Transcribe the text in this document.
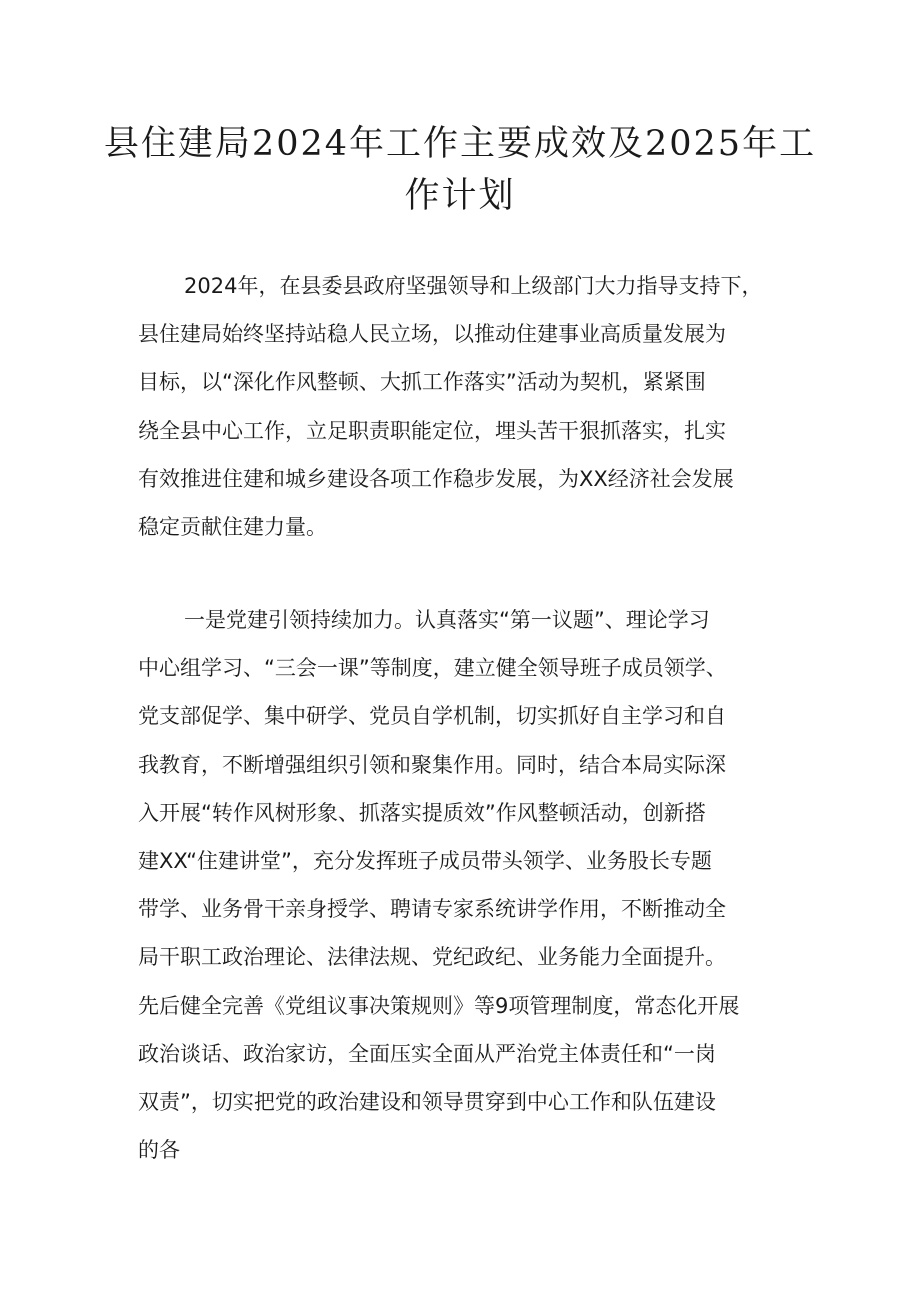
县住建局2024年工作主要成效及2025年工
作计划

2024年，在县委县政府坚强领导和上级部门大力指导支持下，
县住建局始终坚持站稳人民立场，以推动住建事业高质量发展为
目标，以“深化作风整顿、大抓工作落实”活动为契机，紧紧围
绕全县中心工作，立足职责职能定位，埋头苦干狠抓落实，扎实
有效推进住建和城乡建设各项工作稳步发展，为XX经济社会发展
稳定贡献住建力量。

一是党建引领持续加力。认真落实“第一议题”、理论学习
中心组学习、“三会一课”等制度，建立健全领导班子成员领学、
党支部促学、集中研学、党员自学机制，切实抓好自主学习和自
我教育，不断增强组织引领和聚集作用。同时，结合本局实际深
入开展“转作风树形象、抓落实提质效”作风整顿活动，创新搭
建XX“住建讲堂”，充分发挥班子成员带头领学、业务股长专题
带学、业务骨干亲身授学、聘请专家系统讲学作用，不断推动全
局干职工政治理论、法律法规、党纪政纪、业务能力全面提升。
先后健全完善《党组议事决策规则》等9项管理制度，常态化开展
政治谈话、政治家访，全面压实全面从严治党主体责任和“一岗
双责”，切实把党的政治建设和领导贯穿到中心工作和队伍建设
的各
